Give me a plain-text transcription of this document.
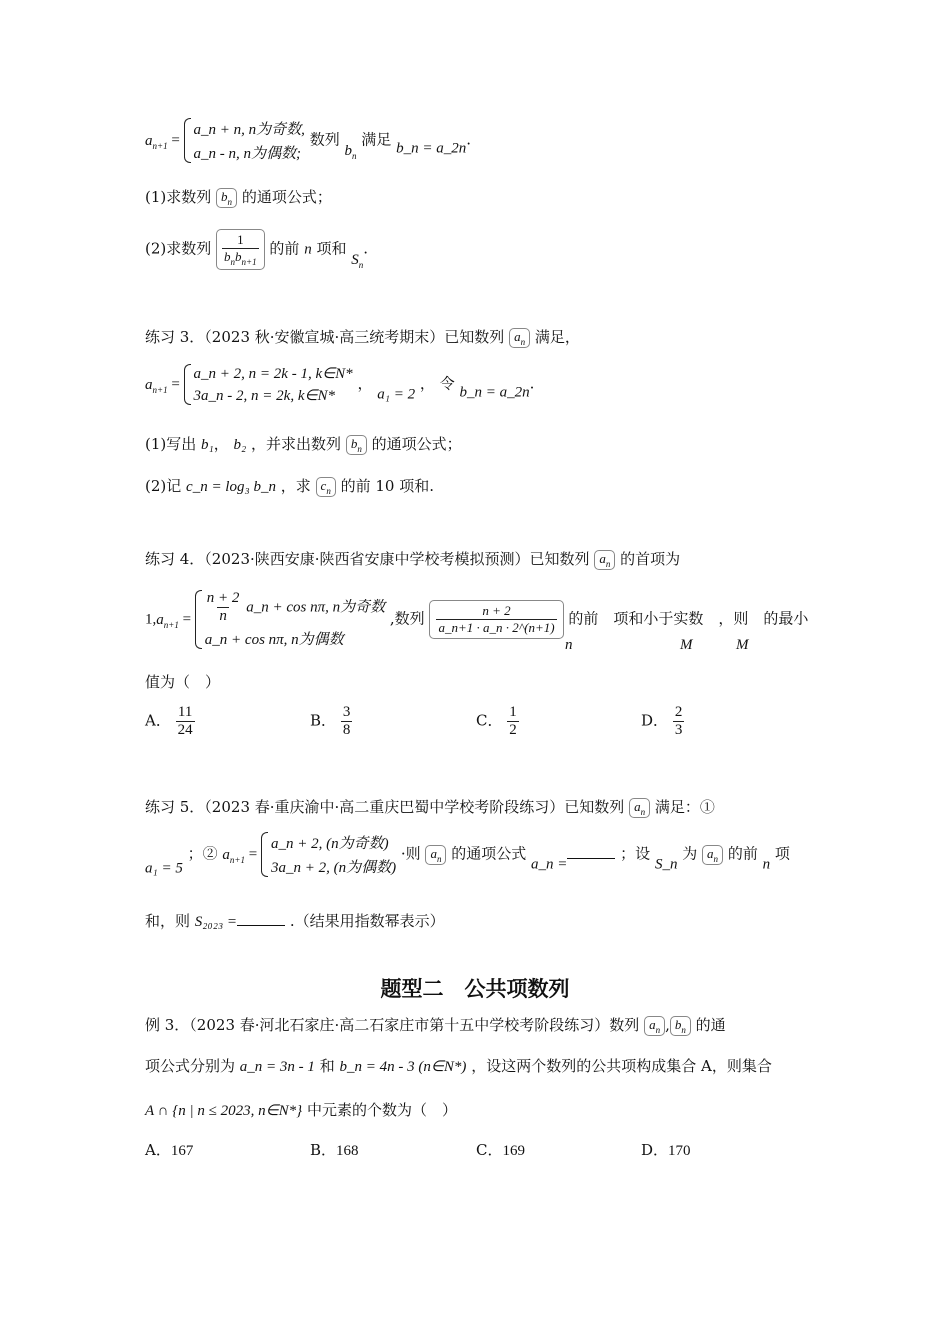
$a_{n+1}$ =
a_n + n, n为奇数,
a_n - n, n为偶数;
数列 $b_n$ 满足 b_n = a_2n.
(1)求数列 $b_n$ 的通项公式；
(2)求数列 $\frac{1}{b_nb_{n+1}}$ 的前 n 项和 $S_n$.
练习 3．（2023 秋·安徽宣城·高三统考期末）已知数列 $a_n$ 满足，
$a_{n+1}$ =
a_n + 2, n = 2k - 1, k∈N*
3a_n - 2, n = 2k, k∈N*
， a₁ = 2 ， 令 b_n = a_2n.
(1)写出 b₁， b₂ ，并求出数列 $b_n$ 的通项公式；
(2)记 c_n = log₃ b_n ，求 $c_n$ 的前 10 项和.
练习 4．（2023·陕西安康·陕西省安康中学校考模拟预测）已知数列 $a_n$ 的首项为
$1,a_{n+1} = \frac{n + 2}{n}$ a_n + cos nπ, n为奇数
a_n + cos nπ, n为偶数
,数列 $\frac{n + 2}{a\_n+1 \cdot a\_n \cdot 2\^{}(n+1)}$ 的前　项和小于实数　，则　的最小
n	M	M
值为（　）
A． $\frac{11}{24}$	B． $\frac{3}{8}$	C． $\frac{1}{2}$	D． $\frac{2}{3}$
练习 5．（2023 春·重庆渝中·高二重庆巴蜀中学校考阶段练习）已知数列 $a_n$ 满足：①
a₁ = 5 ；② $a_{n+1}$ =
a_n + 2, (n为奇数)
3a_n + 2, (n为偶数)
·则 $a_n$ 的通项公式 a_n = ；设 S_n 为 $a_n$ 的前 n 项
和，则 S₂₀₂₃ =	.（结果用指数幂表示）
题型二　公共项数列
例 3．（2023 春·河北石家庄·高二石家庄市第十五中学校考阶段练习）数列 $a_n$ , $b_n$ 的通
项公式分别为 a_n = 3n - 1 和 b_n = 4n - 3 (n∈N*) ，设这两个数列的公共项构成集合 A，则集合
A ∩ {n | n ≤ 2023, n∈N*} 中元素的个数为（　）
A．167	B．168	C．169	D．170
